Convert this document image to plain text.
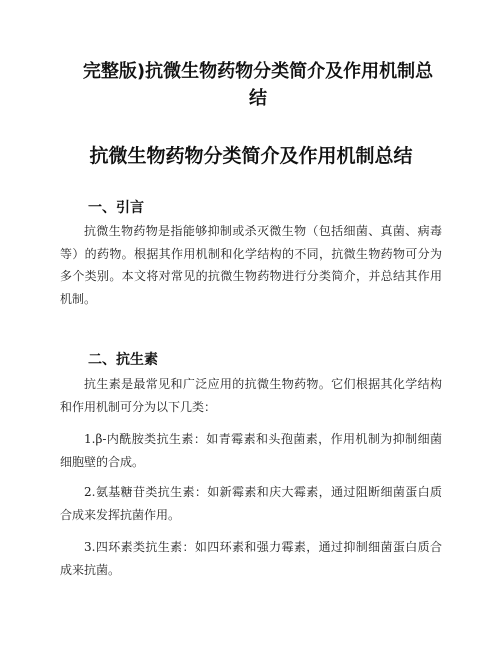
完整版)抗微生物药物分类简介及作用机制总结
抗微生物药物分类简介及作用机制总结
一、引言

抗微生物药物是指能够抑制或杀灭微生物（包括细菌、真菌、病毒等）的药物。根据其作用机制和化学结构的不同，抗微生物药物可分为多个类别。本文将对常见的抗微生物药物进行分类简介，并总结其作用机制。

二、抗生素

抗生素是最常见和广泛应用的抗微生物药物。它们根据其化学结构和作用机制可分为以下几类：

1.β-内酰胺类抗生素：如青霉素和头孢菌素，作用机制为抑制细菌细胞壁的合成。

2.氨基糖苷类抗生素：如新霉素和庆大霉素，通过阻断细菌蛋白质合成来发挥抗菌作用。

3.四环素类抗生素：如四环素和强力霉素，通过抑制细菌蛋白质合成来抗菌。
